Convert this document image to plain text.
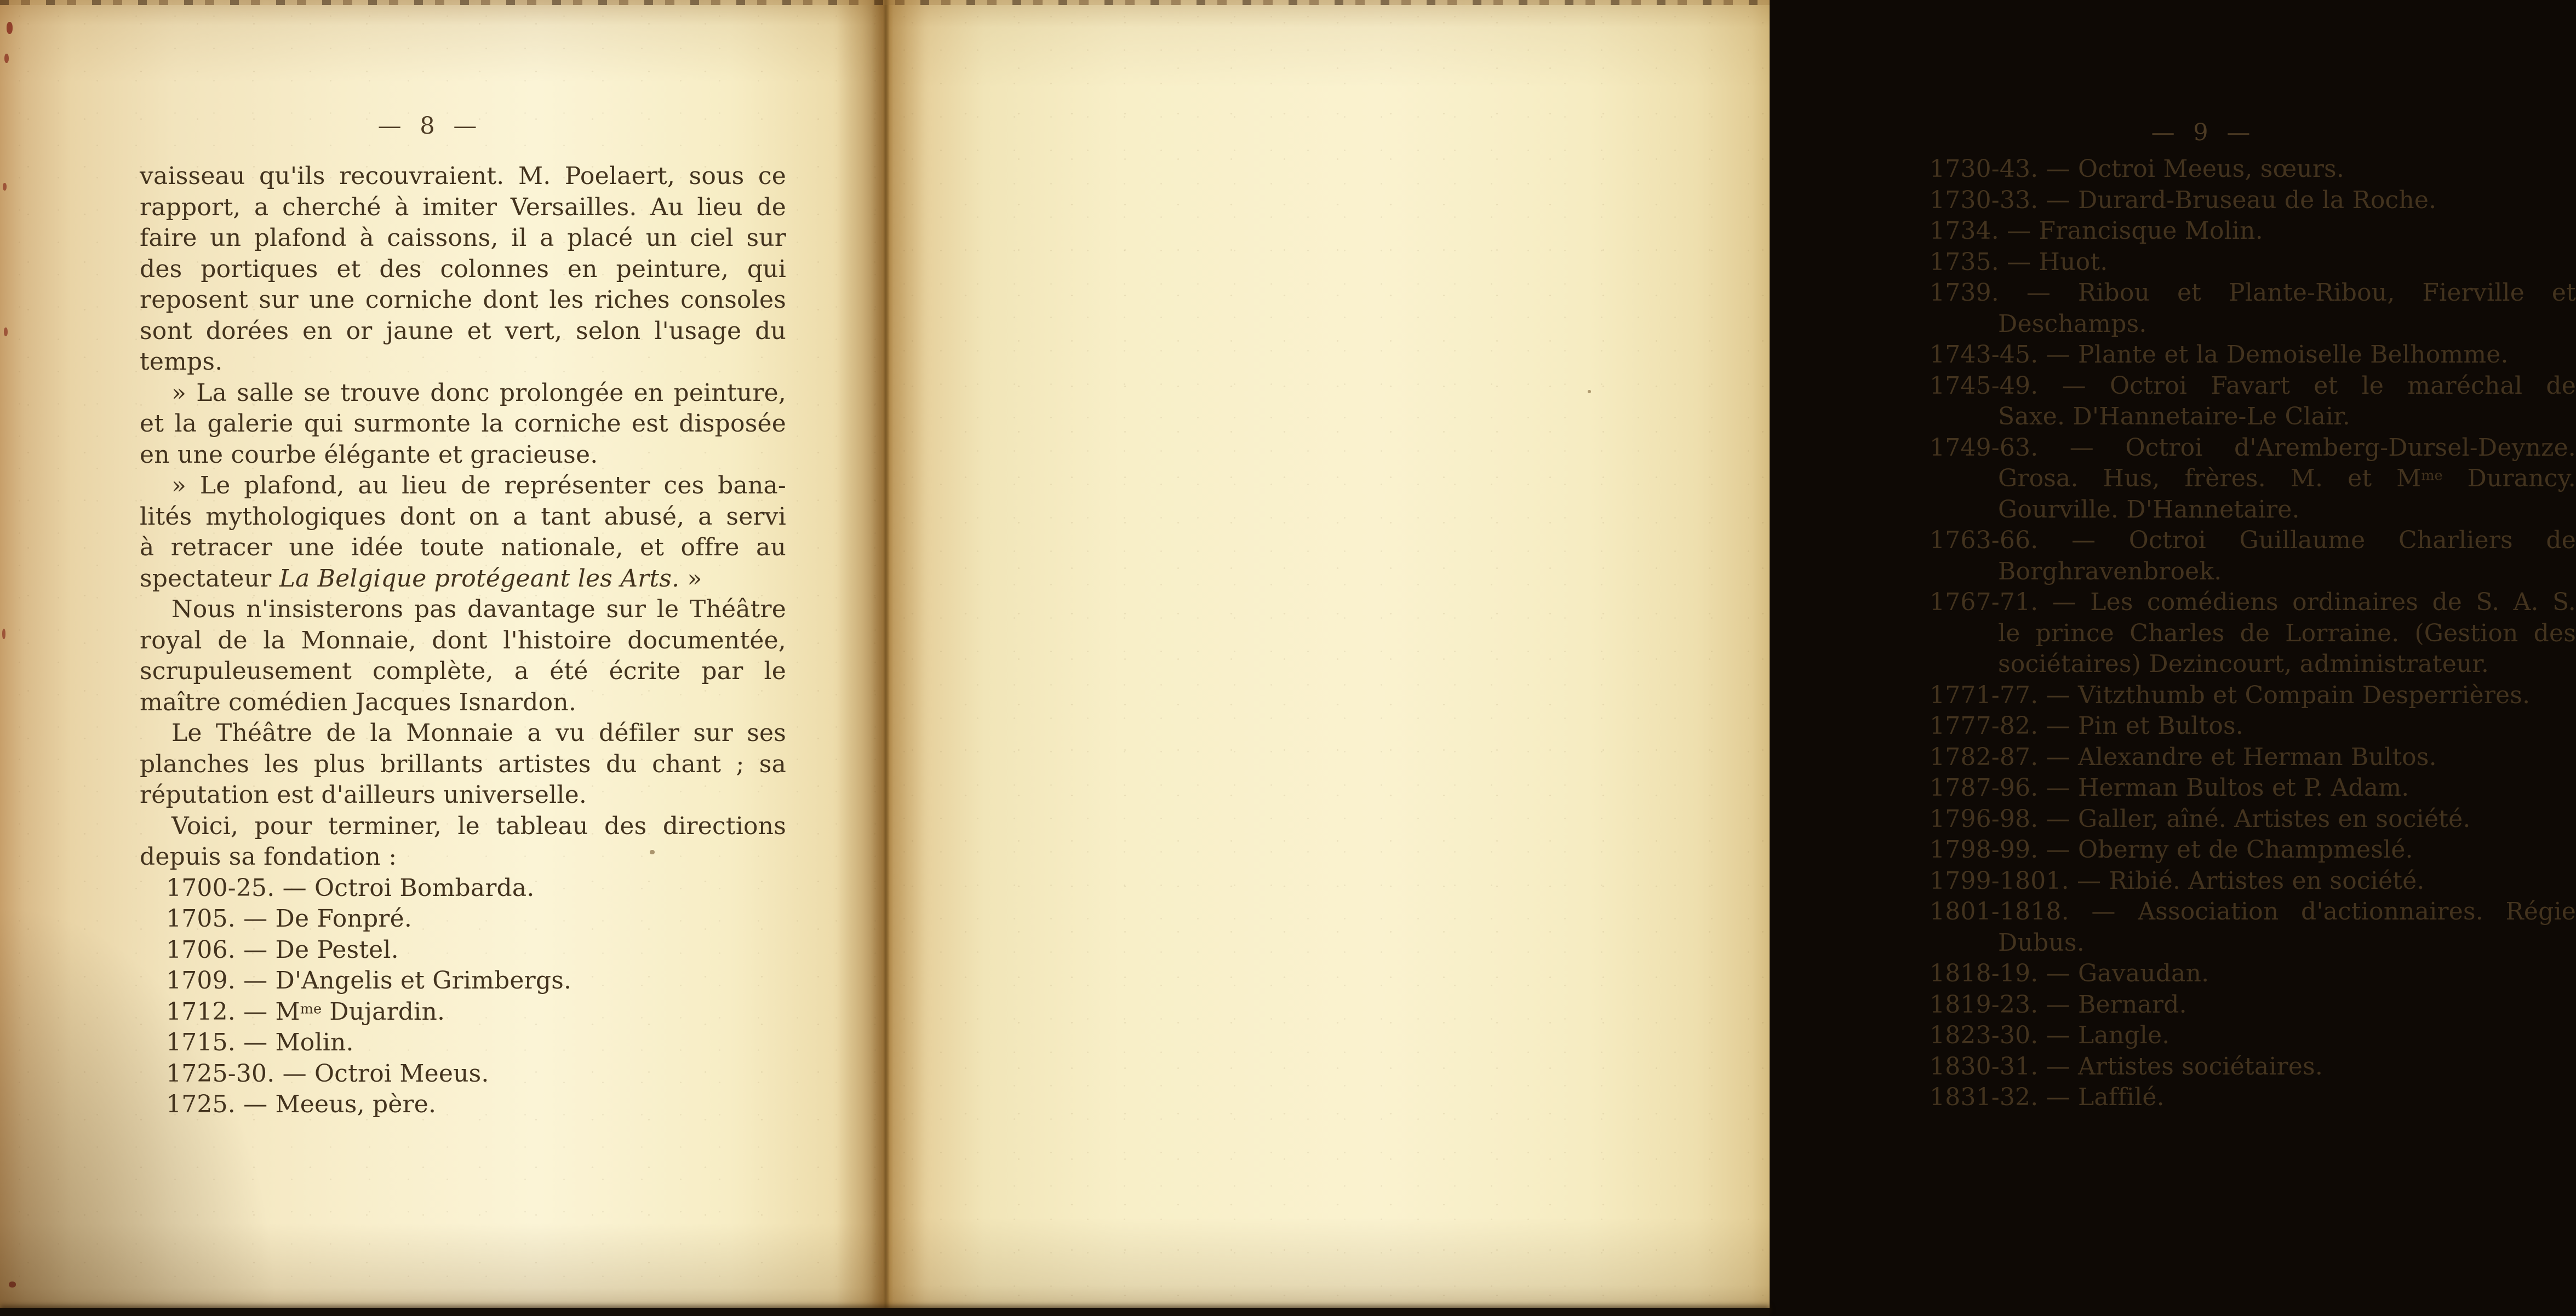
— 8 —
vaisseau qu'ils recouvraient. M. Poelaert, sous ce
rapport, a cherché à imiter Versailles. Au lieu de
faire un plafond à caissons, il a placé un ciel sur
des portiques et des colonnes en peinture, qui
reposent sur une corniche dont les riches consoles
sont dorées en or jaune et vert, selon l'usage du
temps.
» La salle se trouve donc prolongée en peinture,
et la galerie qui surmonte la corniche est disposée
en une courbe élégante et gracieuse.
» Le plafond, au lieu de représenter ces bana-
lités mythologiques dont on a tant abusé, a servi
à retracer une idée toute nationale, et offre au
spectateur La Belgique protégeant les Arts. »
Nous n'insisterons pas davantage sur le Théâtre
royal de la Monnaie, dont l'histoire documentée,
scrupuleusement complète, a été écrite par le
maître comédien Jacques Isnardon.
Le Théâtre de la Monnaie a vu défiler sur ses
planches les plus brillants artistes du chant ; sa
réputation est d'ailleurs universelle.
Voici, pour terminer, le tableau des directions
depuis sa fondation :
1700-25. — Octroi Bombarda.
1705. — De Fonpré.
1706. — De Pestel.
1709. — D'Angelis et Grimbergs.
1712. — $M^{me}$ Dujardin.
1715. — Molin.
1725-30. — Octroi Meeus.
1725. — Meeus, père.
— 9 —
1730-43. — Octroi Meeus, sœurs.
1730-33. — Durard-Bruseau de la Roche.
1734. — Francisque Molin.
1735. — Huot.
1739. — Ribou et Plante-Ribou, Fierville et
Deschamps.
1743-45. — Plante et la Demoiselle Belhomme.
1745-49. — Octroi Favart et le maréchal de
Saxe. D'Hannetaire-Le Clair.
1749-63. — Octroi d'Aremberg-Dursel-Deynze.
Grosa. Hus, frères. M. et $M^{me}$ Durancy.
Gourville. D'Hannetaire.
1763-66. — Octroi Guillaume Charliers de
Borghravenbroek.
1767-71. — Les comédiens ordinaires de S. A. S.
le prince Charles de Lorraine. (Gestion des
sociétaires) Dezincourt, administrateur.
1771-77. — Vitzthumb et Compain Desperrières.
1777-82. — Pin et Bultos.
1782-87. — Alexandre et Herman Bultos.
1787-96. — Herman Bultos et P. Adam.
1796-98. — Galler, aîné. Artistes en société.
1798-99. — Oberny et de Champmeslé.
1799-1801. — Ribié. Artistes en société.
1801-1818. — Association d'actionnaires. Régie
Dubus.
1818-19. — Gavaudan.
1819-23. — Bernard.
1823-30. — Langle.
1830-31. — Artistes sociétaires.
1831-32. — Laffilé.
